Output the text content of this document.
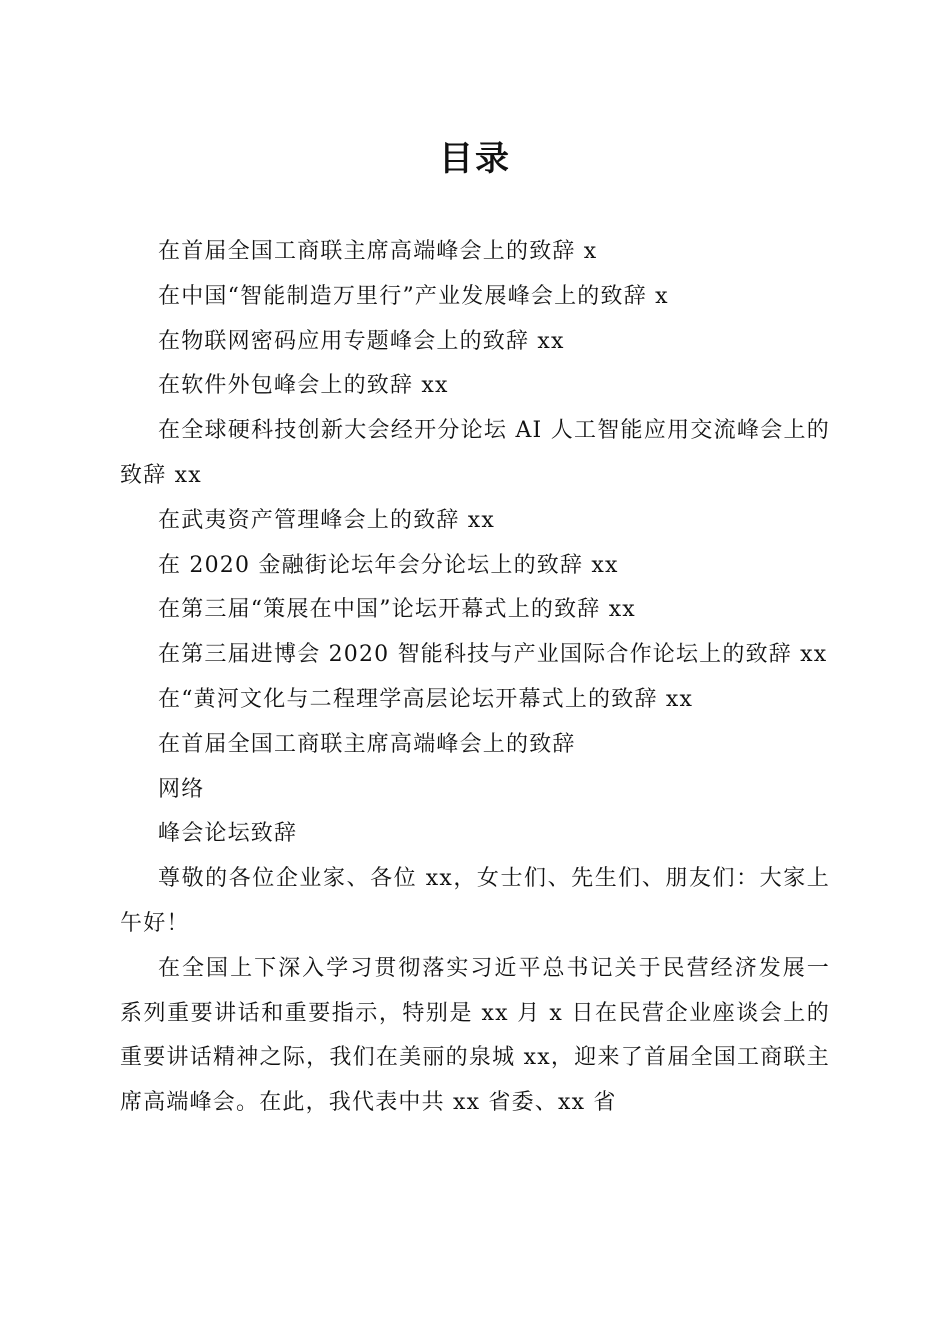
目录

在首届全国工商联主席高端峰会上的致辞 x

在中国“智能制造万里行”产业发展峰会上的致辞 x

在物联网密码应用专题峰会上的致辞 xx

在软件外包峰会上的致辞 xx

在全球硬科技创新大会经开分论坛 AI 人工智能应用交流峰会上的致辞 xx

在武夷资产管理峰会上的致辞 xx

在 2020 金融街论坛年会分论坛上的致辞 xx

在第三届“策展在中国”论坛开幕式上的致辞 xx

在第三届进博会 2020 智能科技与产业国际合作论坛上的致辞 xx

在“黄河文化与二程理学高层论坛开幕式上的致辞 xx

在首届全国工商联主席高端峰会上的致辞

网络

峰会论坛致辞

尊敬的各位企业家、各位 xx，女士们、先生们、朋友们：大家上午好！

在全国上下深入学习贯彻落实习近平总书记关于民营经济发展一系列重要讲话和重要指示，特别是 xx 月 x 日在民营企业座谈会上的重要讲话精神之际，我们在美丽的泉城 xx，迎来了首届全国工商联主席高端峰会。在此，我代表中共 xx 省委、xx 省
